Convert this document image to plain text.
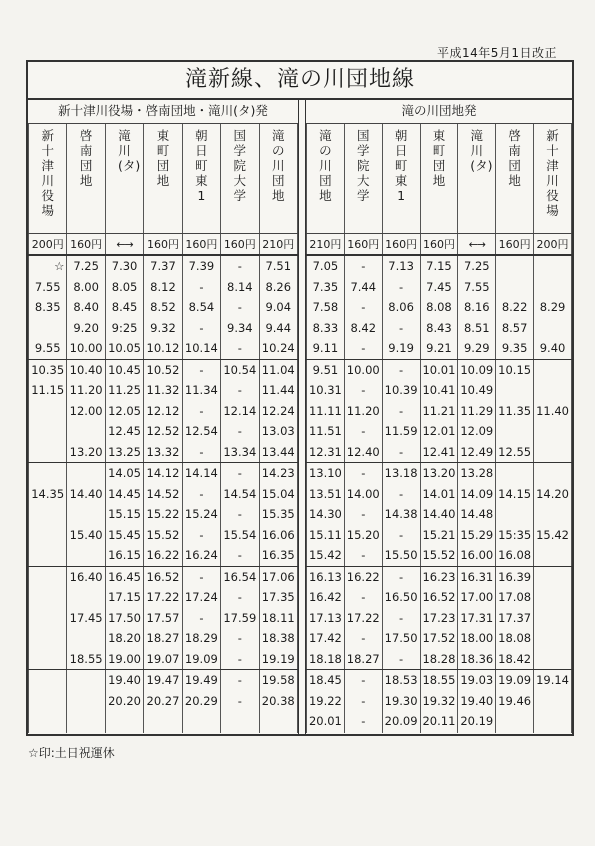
平成14年5月1日改正
滝新線、滝の川団地線
新十津川役場・啓南団地・滝川(タ)発
新十津川役場	啓南団地	滝川(タ)	東町団地	朝日町東1	国学院大学	滝の川団地
200円	160円	←→	160円	160円	160円	210円

☆	7.25	7.30	7.37	7.39	-	7.51
7.55	8.00	8.05	8.12	-	8.14	8.26
8.35	8.40	8.45	8.52	8.54	-	9.04
	9.20	9:25	9.32	-	9.34	9.44
9.55	10.00	10.05	10.12	10.14	-	10.24
10.35	10.40	10.45	10.52	-	10.54	11.04
11.15	11.20	11.25	11.32	11.34	-	11.44
	12.00	12.05	12.12	-	12.14	12.24
		12.45	12.52	12.54	-	13.03
	13.20	13.25	13.32	-	13.34	13.44
		14.05	14.12	14.14	-	14.23
14.35	14.40	14.45	14.52	-	14.54	15.04
		15.15	15.22	15.24	-	15.35
	15.40	15.45	15.52	-	15.54	16.06
		16.15	16.22	16.24	-	16.35
	16.40	16.45	16.52	-	16.54	17.06
		17.15	17.22	17.24	-	17.35
	17.45	17.50	17.57	-	17.59	18.11
		18.20	18.27	18.29	-	18.38
	18.55	19.00	19.07	19.09	-	19.19
		19.40	19.47	19.49	-	19.58
		20.20	20.27	20.29	-	20.38

滝の川団地発
滝の川団地	国学院大学	朝日町東1	東町団地	滝川(タ)	啓南団地	新十津川役場
210円	160円	160円	160円	←→	160円	200円
7.05	-	7.13	7.15	7.25		
7.35	7.44	-	7.45	7.55		
7.58	-	8.06	8.08	8.16	8.22	8.29
8.33	8.42	-	8.43	8.51	8.57	
9.11	-	9.19	9.21	9.29	9.35	9.40
9.51	10.00	-	10.01	10.09	10.15	
10.31	-	10.39	10.41	10.49		
11.11	11.20	-	11.21	11.29	11.35	11.40
11.51	-	11.59	12.01	12.09		
12.31	12.40	-	12.41	12.49	12.55	
13.10	-	13.18	13.20	13.28		
13.51	14.00	-	14.01	14.09	14.15	14.20
14.30	-	14.38	14.40	14.48		
15.11	15.20	-	15.21	15.29	15:35	15.42
15.42	-	15.50	15.52	16.00	16.08	
16.13	16.22	-	16.23	16.31	16.39	
16.42	-	16.50	16.52	17.00	17.08	
17.13	17.22	-	17.23	17.31	17.37	
17.42	-	17.50	17.52	18.00	18.08	
18.18	18.27	-	18.28	18.36	18.42	
18.45	-	18.53	18.55	19.03	19.09	19.14
19.22	-	19.30	19.32	19.40	19.46	
20.01	-	20.09	20.11	20.19		

☆印:土日祝運休
